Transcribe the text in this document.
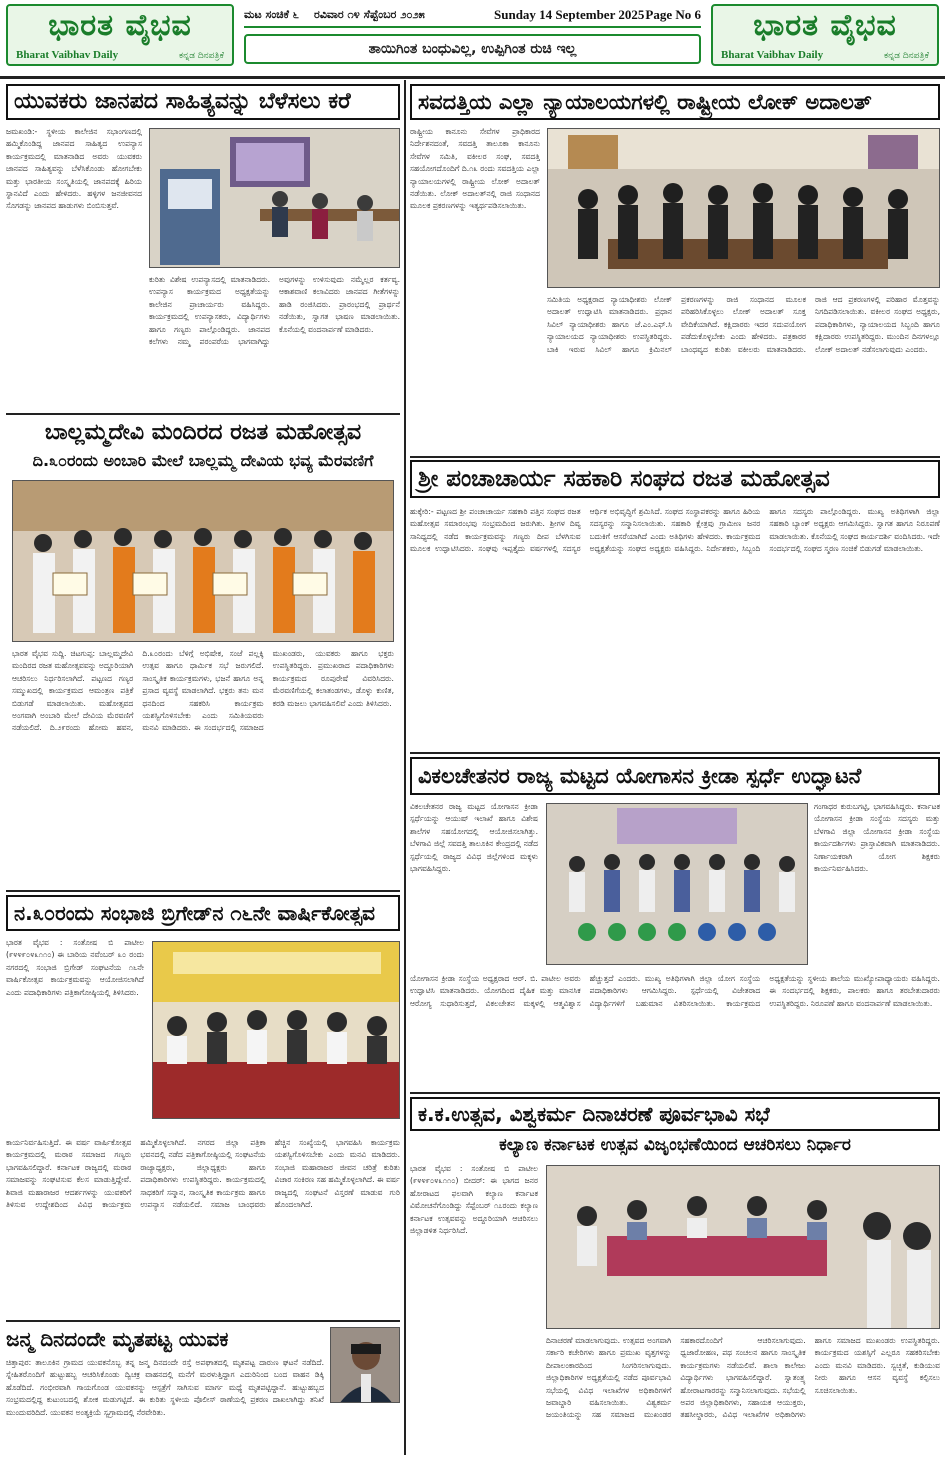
ಭಾರತ ವೈಭವ
Bharat Vaibhav Daily	ಕನ್ನಡ ದಿನಪತ್ರಿಕೆ
ಮಟ ಸಂಚಿಕೆ ೬	ರವಿವಾರ ೧೪ ಸೆಪ್ಟೆಂಬರ ೨೦೨೫	Sunday 14 September 2025 Page No 6
ತಾಯಿಗಿಂತ ಬಂಧುವಿಲ್ಲ, ಉಪ್ಪಿಗಿಂತ ರುಚಿ ಇಲ್ಲ
ಭಾರತ ವೈಭವ
Bharat Vaibhav Daily	ಕನ್ನಡ ದಿನಪತ್ರಿಕೆ
ಯುವಕರು ಜಾನಪದ ಸಾಹಿತ್ಯವನ್ನು ಬೆಳೆಸಲು ಕರೆ
ಜಮಖಂಡಿ:- ಸ್ಥಳೀಯ ಕಾಲೇಜಿನ ಸಭಾಂಗಣದಲ್ಲಿ ಹಮ್ಮಿಕೊಂಡಿದ್ದ ಜಾನಪದ ಸಾಹಿತ್ಯದ ಉಪನ್ಯಾಸ ಕಾರ್ಯಕ್ರಮದಲ್ಲಿ ಮಾತನಾಡಿದ ಅವರು ಯುವಕರು ಜಾನಪದ ಸಾಹಿತ್ಯವನ್ನು ಬೆಳೆಸಿಕೊಂಡು ಹೋಗಬೇಕು ಮತ್ತು ಭಾರತೀಯ ಸಂಸ್ಕೃತಿಯಲ್ಲಿ ಜಾನಪದಕ್ಕೆ ಹಿರಿಯ ಸ್ಥಾನವಿದೆ ಎಂದು ಹೇಳಿದರು. ಹಳ್ಳಿಗಳ ಜನಜೀವನದ ಸೊಗಡನ್ನು ಜಾನಪದ ಹಾಡುಗಳು ಬಿಂಬಿಸುತ್ತವೆ.
ಕುರಿತು ವಿಶೇಷ ಉಪನ್ಯಾಸದಲ್ಲಿ ಮಾತನಾಡಿದರು. ಉಪನ್ಯಾಸ ಕಾರ್ಯಕ್ರಮದ ಅಧ್ಯಕ್ಷತೆಯನ್ನು ಕಾಲೇಜಿನ ಪ್ರಾಚಾರ್ಯರು ವಹಿಸಿದ್ದರು. ಕಾರ್ಯಕ್ರಮದಲ್ಲಿ ಉಪನ್ಯಾಸಕರು, ವಿದ್ಯಾರ್ಥಿಗಳು ಹಾಗೂ ಗಣ್ಯರು ಪಾಲ್ಗೊಂಡಿದ್ದರು. ಜಾನಪದ ಕಲೆಗಳು ನಮ್ಮ ಪರಂಪರೆಯ ಭಾಗವಾಗಿದ್ದು ಅವುಗಳನ್ನು ಉಳಿಸುವುದು ನಮ್ಮೆಲ್ಲರ ಕರ್ತವ್ಯ. ಆಕಾಶವಾಣಿ ಕಲಾವಿದರು ಜಾನಪದ ಗೀತೆಗಳನ್ನು ಹಾಡಿ ರಂಜಿಸಿದರು. ಪ್ರಾರಂಭದಲ್ಲಿ ಪ್ರಾರ್ಥನೆ ನಡೆಯಿತು, ಸ್ವಾಗತ ಭಾಷಣ ಮಾಡಲಾಯಿತು. ಕೊನೆಯಲ್ಲಿ ವಂದನಾರ್ಪಣೆ ಮಾಡಿದರು.
ಸವದತ್ತಿಯ ಎಲ್ಲಾ ನ್ಯಾಯಾಲಯಗಳಲ್ಲಿ ರಾಷ್ಟ್ರೀಯ ಲೋಕ್ ಅದಾಲತ್
ರಾಷ್ಟ್ರೀಯ ಕಾನೂನು ಸೇವೆಗಳ ಪ್ರಾಧಿಕಾರದ ನಿರ್ದೇಶನದಂತೆ, ಸವದತ್ತಿ ತಾಲೂಕಾ ಕಾನೂನು ಸೇವೆಗಳ ಸಮಿತಿ, ವಕೀಲರ ಸಂಘ, ಸವದತ್ತಿ ಸಹಯೋಗದೊಂದಿಗೆ ದಿ.೧೩ ರಂದು ಸವದತ್ತಿಯ ಎಲ್ಲಾ ನ್ಯಾಯಾಲಯಗಳಲ್ಲಿ ರಾಷ್ಟ್ರೀಯ ಲೋಕ್ ಅದಾಲತ್ ನಡೆಯಿತು. ಲೋಕ್ ಅದಾಲತ್‌ನಲ್ಲಿ ರಾಜಿ ಸಂಧಾನದ ಮೂಲಕ ಪ್ರಕರಣಗಳನ್ನು ಇತ್ಯರ್ಥಪಡಿಸಲಾಯಿತು.
ಸಮಿತಿಯ ಅಧ್ಯಕ್ಷರಾದ ನ್ಯಾಯಾಧೀಶರು ಲೋಕ್ ಅದಾಲತ್ ಉದ್ಘಾಟಿಸಿ ಮಾತನಾಡಿದರು. ಪ್ರಧಾನ ಸಿವಿಲ್ ನ್ಯಾಯಾಧೀಶರು ಹಾಗೂ ಜೆ.ಎಂ.ಎಫ್.ಸಿ ನ್ಯಾಯಾಲಯದ ನ್ಯಾಯಾಧೀಶರು ಉಪಸ್ಥಿತರಿದ್ದರು. ಬಾಕಿ ಇರುವ ಸಿವಿಲ್ ಹಾಗೂ ಕ್ರಿಮಿನಲ್ ಪ್ರಕರಣಗಳನ್ನು ರಾಜಿ ಸಂಧಾನದ ಮೂಲಕ ಪರಿಹರಿಸಿಕೊಳ್ಳಲು ಲೋಕ್ ಅದಾಲತ್ ಸೂಕ್ತ ವೇದಿಕೆಯಾಗಿದೆ. ಕಕ್ಷಿದಾರರು ಇದರ ಸದುಪಯೋಗ ಪಡೆದುಕೊಳ್ಳಬೇಕು ಎಂದು ಹೇಳಿದರು. ಪತ್ರಕಾರರ ಬಾಂಧವ್ಯದ ಕುರಿತು ವಕೀಲರು ಮಾತನಾಡಿದರು. ರಾಜಿ ಆದ ಪ್ರಕರಣಗಳಲ್ಲಿ ಪರಿಹಾರ ಮೊತ್ತವನ್ನು ನಿಗದಿಪಡಿಸಲಾಯಿತು. ವಕೀಲರ ಸಂಘದ ಅಧ್ಯಕ್ಷರು, ಪದಾಧಿಕಾರಿಗಳು, ನ್ಯಾಯಾಲಯದ ಸಿಬ್ಬಂದಿ ಹಾಗೂ ಕಕ್ಷಿದಾರರು ಉಪಸ್ಥಿತರಿದ್ದರು. ಮುಂದಿನ ದಿನಗಳಲ್ಲೂ ಲೋಕ್ ಅದಾಲತ್ ನಡೆಸಲಾಗುವುದು ಎಂದರು.
ಬಾಲ್ಲಮ್ಮದೇವಿ ಮಂದಿರದ ರಜತ ಮಹೋತ್ಸವ
ದಿ.೩೦ರಂದು ಅಂಬಾರಿ ಮೇಲೆ ಬಾಲ್ಲಮ್ಮ ದೇವಿಯ ಭವ್ಯ ಮೆರವಣಿಗೆ
ಭಾರತ ವೈಭವ ಸುದ್ದಿ. ಚಿಟಗುಪ್ಪ: ಬಾಲ್ಲಮ್ಮದೇವಿ ಮಂದಿರದ ರಜತ ಮಹೋತ್ಸವವನ್ನು ಅದ್ದೂರಿಯಾಗಿ ಆಚರಿಸಲು ನಿರ್ಧರಿಸಲಾಗಿದೆ. ಪಟ್ಟಣದ ಗಣ್ಯರ ಸಮ್ಮುಖದಲ್ಲಿ ಕಾರ್ಯಕ್ರಮದ ಆಮಂತ್ರಣ ಪತ್ರಿಕೆ ಬಿಡುಗಡೆ ಮಾಡಲಾಯಿತು. ಮಹೋತ್ಸವದ ಅಂಗವಾಗಿ ಅಂಬಾರಿ ಮೇಲೆ ದೇವಿಯ ಮೆರವಣಿಗೆ ನಡೆಯಲಿದೆ. ದಿ.೨೯ರಂದು ಹೋಮ ಹವನ, ದಿ.೩೦ರಂದು ಬೆಳಿಗ್ಗೆ ಅಭಿಷೇಕ, ಸಂಜೆ ಪಲ್ಲಕ್ಕಿ ಉತ್ಸವ ಹಾಗೂ ಧಾರ್ಮಿಕ ಸಭೆ ಜರುಗಲಿದೆ. ಸಾಂಸ್ಕೃತಿಕ ಕಾರ್ಯಕ್ರಮಗಳು, ಭಜನೆ ಹಾಗೂ ಅನ್ನ ಪ್ರಸಾದ ವ್ಯವಸ್ಥೆ ಮಾಡಲಾಗಿದೆ. ಭಕ್ತರು ತನು ಮನ ಧನದಿಂದ ಸಹಕರಿಸಿ ಕಾರ್ಯಕ್ರಮ ಯಶಸ್ವಿಗೊಳಿಸಬೇಕು ಎಂದು ಸಮಿತಿಯವರು ಮನವಿ ಮಾಡಿದರು. ಈ ಸಂದರ್ಭದಲ್ಲಿ ಸಮಾಜದ ಮುಖಂಡರು, ಯುವಕರು ಹಾಗೂ ಭಕ್ತರು ಉಪಸ್ಥಿತರಿದ್ದರು. ಪ್ರಮುಖರಾದ ಪದಾಧಿಕಾರಿಗಳು ಕಾರ್ಯಕ್ರಮದ ರೂಪುರೇಷೆ ವಿವರಿಸಿದರು. ಮೆರವಣಿಗೆಯಲ್ಲಿ ಕಲಾತಂಡಗಳು, ಡೊಳ್ಳು ಕುಣಿತ, ಕರಡಿ ಮಜಲು ಭಾಗವಹಿಸಲಿವೆ ಎಂದು ತಿಳಿಸಿದರು.
ಶ್ರೀ ಪಂಚಾಚಾರ್ಯ ಸಹಕಾರಿ ಸಂಘದ ರಜತ ಮಹೋತ್ಸವ
ಹುಕ್ಕೇರಿ:- ಪಟ್ಟಣದ ಶ್ರೀ ಪಂಚಾಚಾರ್ಯ ಸಹಕಾರಿ ಪತ್ತಿನ ಸಂಘದ ರಜತ ಮಹೋತ್ಸವ ಸಮಾರಂಭವು ಸಂಭ್ರಮದಿಂದ ಜರುಗಿತು. ಶ್ರೀಗಳ ದಿವ್ಯ ಸಾನಿಧ್ಯದಲ್ಲಿ ನಡೆದ ಕಾರ್ಯಕ್ರಮವನ್ನು ಗಣ್ಯರು ದೀಪ ಬೆಳಗಿಸುವ ಮೂಲಕ ಉದ್ಘಾಟಿಸಿದರು. ಸಂಘವು ಇಪ್ಪತ್ತೈದು ವರ್ಷಗಳಲ್ಲಿ ಸದಸ್ಯರ ಆರ್ಥಿಕ ಅಭಿವೃದ್ಧಿಗೆ ಶ್ರಮಿಸಿದೆ. ಸಂಘದ ಸಂಸ್ಥಾಪಕರನ್ನು ಹಾಗೂ ಹಿರಿಯ ಸದಸ್ಯರನ್ನು ಸನ್ಮಾನಿಸಲಾಯಿತು. ಸಹಕಾರಿ ಕ್ಷೇತ್ರವು ಗ್ರಾಮೀಣ ಜನರ ಬದುಕಿಗೆ ಆಸರೆಯಾಗಿದೆ ಎಂದು ಅತಿಥಿಗಳು ಹೇಳಿದರು. ಕಾರ್ಯಕ್ರಮದ ಅಧ್ಯಕ್ಷತೆಯನ್ನು ಸಂಘದ ಅಧ್ಯಕ್ಷರು ವಹಿಸಿದ್ದರು. ನಿರ್ದೇಶಕರು, ಸಿಬ್ಬಂದಿ ಹಾಗೂ ಸದಸ್ಯರು ಪಾಲ್ಗೊಂಡಿದ್ದರು. ಮುಖ್ಯ ಅತಿಥಿಗಳಾಗಿ ಜಿಲ್ಲಾ ಸಹಕಾರಿ ಬ್ಯಾಂಕ್ ಅಧ್ಯಕ್ಷರು ಆಗಮಿಸಿದ್ದರು. ಸ್ವಾಗತ ಹಾಗೂ ನಿರೂಪಣೆ ಮಾಡಲಾಯಿತು. ಕೊನೆಯಲ್ಲಿ ಸಂಘದ ಕಾರ್ಯದರ್ಶಿ ವಂದಿಸಿದರು. ಇದೇ ಸಂದರ್ಭದಲ್ಲಿ ಸಂಘದ ಸ್ಮರಣ ಸಂಚಿಕೆ ಬಿಡುಗಡೆ ಮಾಡಲಾಯಿತು.
ವಿಕಲಚೇತನರ ರಾಜ್ಯ ಮಟ್ಟದ ಯೋಗಾಸನ ಕ್ರೀಡಾ ಸ್ಪರ್ಧೆ ಉದ್ಘಾಟನೆ
ವಿಕಲಚೇತನರ ರಾಜ್ಯ ಮಟ್ಟದ ಯೋಗಾಸನ ಕ್ರೀಡಾ ಸ್ಪರ್ಧೆಯನ್ನು ಆಯುಷ್ ಇಲಾಖೆ ಹಾಗೂ ವಿಶೇಷ ಶಾಲೆಗಳ ಸಹಯೋಗದಲ್ಲಿ ಆಯೋಜಿಸಲಾಗಿತ್ತು. ಬೆಳಗಾವಿ ಜಿಲ್ಲೆ ಸವದತ್ತಿ ತಾಲೂಕಿನ ಕೇಂದ್ರದಲ್ಲಿ ನಡೆದ ಸ್ಪರ್ಧೆಯಲ್ಲಿ ರಾಜ್ಯದ ವಿವಿಧ ಜಿಲ್ಲೆಗಳಿಂದ ಮಕ್ಕಳು ಭಾಗವಹಿಸಿದ್ದರು.
ಗಂಗಾಧರ ಕುರುಬಗಟ್ಟಿ, ಭಾಗವಹಿಸಿದ್ದರು. ಕರ್ನಾಟಕ ಯೋಗಾಸನ ಕ್ರೀಡಾ ಸಂಸ್ಥೆಯ ಸದಸ್ಯರು ಮತ್ತು ಬೆಳಗಾವಿ ಜಿಲ್ಲಾ ಯೋಗಾಸನ ಕ್ರೀಡಾ ಸಂಸ್ಥೆಯ ಕಾರ್ಯದರ್ಶಿಗಳು ಪ್ರಾಸ್ತಾವಿಕವಾಗಿ ಮಾತನಾಡಿದರು. ನಿರ್ಣಾಯಕರಾಗಿ ಯೋಗ ಶಿಕ್ಷಕರು ಕಾರ್ಯನಿರ್ವಹಿಸಿದರು.
ಯೋಗಾಸನ ಕ್ರೀಡಾ ಸಂಸ್ಥೆಯ ಅಧ್ಯಕ್ಷರಾದ ಆರ್. ಬಿ. ಪಾಟೀಲ ಅವರು ಉದ್ಘಾಟಿಸಿ ಮಾತನಾಡಿದರು. ಯೋಗದಿಂದ ದೈಹಿಕ ಮತ್ತು ಮಾನಸಿಕ ಆರೋಗ್ಯ ಸುಧಾರಿಸುತ್ತದೆ, ವಿಕಲಚೇತನ ಮಕ್ಕಳಲ್ಲಿ ಆತ್ಮವಿಶ್ವಾಸ ಹೆಚ್ಚುತ್ತದೆ ಎಂದರು. ಮುಖ್ಯ ಅತಿಥಿಗಳಾಗಿ ಜಿಲ್ಲಾ ಯೋಗ ಸಂಸ್ಥೆಯ ಪದಾಧಿಕಾರಿಗಳು ಆಗಮಿಸಿದ್ದರು. ಸ್ಪರ್ಧೆಯಲ್ಲಿ ವಿಜೇತರಾದ ವಿದ್ಯಾರ್ಥಿಗಳಿಗೆ ಬಹುಮಾನ ವಿತರಿಸಲಾಯಿತು. ಕಾರ್ಯಕ್ರಮದ ಅಧ್ಯಕ್ಷತೆಯನ್ನು ಸ್ಥಳೀಯ ಶಾಲೆಯ ಮುಖ್ಯೋಪಾಧ್ಯಾಯರು ವಹಿಸಿದ್ದರು. ಈ ಸಂದರ್ಭದಲ್ಲಿ ಶಿಕ್ಷಕರು, ಪಾಲಕರು ಹಾಗೂ ತರಬೇತುದಾರರು ಉಪಸ್ಥಿತರಿದ್ದರು. ನಿರೂಪಣೆ ಹಾಗೂ ವಂದನಾರ್ಪಣೆ ಮಾಡಲಾಯಿತು.
ನ.೩೦ರಂದು ಸಂಭಾಜಿ ಬ್ರಿಗೇಡ್‌ನ ೧೬ನೇ ವಾರ್ಷಿಕೋತ್ಸವ
ಭಾರತ ವೈಭವ : ಸಂತೋಷ ಬಿ ಪಾಟೀಲ (೯೪೪೯೦೪೩೧೧೦) ಈ ಬಾರಿಯ ನವೆಂಬರ್ ೩೦ ರಂದು ನಗರದಲ್ಲಿ ಸಂಭಾಜಿ ಬ್ರಿಗೇಡ್ ಸಂಘಟನೆಯ ೧೬ನೇ ವಾರ್ಷಿಕೋತ್ಸವ ಕಾರ್ಯಕ್ರಮವನ್ನು ಆಯೋಜಿಸಲಾಗಿದೆ ಎಂದು ಪದಾಧಿಕಾರಿಗಳು ಪತ್ರಿಕಾಗೋಷ್ಠಿಯಲ್ಲಿ ತಿಳಿಸಿದರು.
ಕಾರ್ಯನಿರ್ವಹಿಸುತ್ತಿದೆ. ಈ ವರ್ಷ ವಾರ್ಷಿಕೋತ್ಸವ ಕಾರ್ಯಕ್ರಮದಲ್ಲಿ ಮರಾಠ ಸಮಾಜದ ಗಣ್ಯರು ಭಾಗವಹಿಸಲಿದ್ದಾರೆ. ಕರ್ನಾಟಕ ರಾಜ್ಯದಲ್ಲಿ ಮರಾಠ ಸಮಾಜವನ್ನು ಸಂಘಟಿಸುವ ಕೆಲಸ ಮಾಡುತ್ತಿದ್ದೇವೆ. ಶಿವಾಜಿ ಮಹಾರಾಜರ ಆದರ್ಶಗಳನ್ನು ಯುವಕರಿಗೆ ತಿಳಿಸುವ ಉದ್ದೇಶದಿಂದ ವಿವಿಧ ಕಾರ್ಯಕ್ರಮ ಹಮ್ಮಿಕೊಳ್ಳಲಾಗಿದೆ. ನಗರದ ಜಿಲ್ಲಾ ಪತ್ರಿಕಾ ಭವನದಲ್ಲಿ ನಡೆದ ಪತ್ರಿಕಾಗೋಷ್ಠಿಯಲ್ಲಿ ಸಂಘಟನೆಯ ರಾಜ್ಯಾಧ್ಯಕ್ಷರು, ಜಿಲ್ಲಾಧ್ಯಕ್ಷರು ಹಾಗೂ ಪದಾಧಿಕಾರಿಗಳು ಉಪಸ್ಥಿತರಿದ್ದರು. ಕಾರ್ಯಕ್ರಮದಲ್ಲಿ ಸಾಧಕರಿಗೆ ಸನ್ಮಾನ, ಸಾಂಸ್ಕೃತಿಕ ಕಾರ್ಯಕ್ರಮ ಹಾಗೂ ಉಪನ್ಯಾಸ ನಡೆಯಲಿದೆ. ಸಮಾಜ ಬಾಂಧವರು ಹೆಚ್ಚಿನ ಸಂಖ್ಯೆಯಲ್ಲಿ ಭಾಗವಹಿಸಿ ಕಾರ್ಯಕ್ರಮ ಯಶಸ್ವಿಗೊಳಿಸಬೇಕು ಎಂದು ಮನವಿ ಮಾಡಿದರು. ಸಂಭಾಜಿ ಮಹಾರಾಜರ ಜೀವನ ಚರಿತ್ರೆ ಕುರಿತು ವಿಚಾರ ಸಂಕಿರಣ ಸಹ ಹಮ್ಮಿಕೊಳ್ಳಲಾಗಿದೆ. ಈ ವರ್ಷ ರಾಜ್ಯದಲ್ಲಿ ಸಂಘಟನೆ ವಿಸ್ತರಣೆ ಮಾಡುವ ಗುರಿ ಹೊಂದಲಾಗಿದೆ.
ಕ.ಕ.ಉತ್ಸವ, ವಿಶ್ವಕರ್ಮ ದಿನಾಚರಣೆ ಪೂರ್ವಭಾವಿ ಸಭೆ
ಕಲ್ಯಾಣ ಕರ್ನಾಟಕ ಉತ್ಸವ ವಿಜೃಂಭಣೆಯಿಂದ ಆಚರಿಸಲು ನಿರ್ಧಾರ
ಭಾರತ ವೈಭವ : ಸಂತೋಷ ಬಿ ಪಾಟೀಲ (೯೪೪೯೦೪೩೧೧೦) ಬೀದರ್: ಈ ಭಾಗದ ಜನರ ಹೋರಾಟದ ಫಲವಾಗಿ ಕಲ್ಯಾಣ ಕರ್ನಾಟಕ ವಿಮೋಚನೆಗೊಂಡಿದ್ದು ಸೆಪ್ಟೆಂಬರ್ ೧೭ರಂದು ಕಲ್ಯಾಣ ಕರ್ನಾಟಕ ಉತ್ಸವವನ್ನು ಅದ್ದೂರಿಯಾಗಿ ಆಚರಿಸಲು ಜಿಲ್ಲಾಡಳಿತ ನಿರ್ಧರಿಸಿದೆ.
ದಿನಾಚರಣೆ ಮಾಡಲಾಗುವುದು. ಉತ್ಸವದ ಅಂಗವಾಗಿ ಸರ್ಕಾರಿ ಕಚೇರಿಗಳು ಹಾಗೂ ಪ್ರಮುಖ ವೃತ್ತಗಳನ್ನು ದೀಪಾಲಂಕಾರದಿಂದ ಸಿಂಗರಿಸಲಾಗುವುದು. ಜಿಲ್ಲಾಧಿಕಾರಿಗಳ ಅಧ್ಯಕ್ಷತೆಯಲ್ಲಿ ನಡೆದ ಪೂರ್ವಭಾವಿ ಸಭೆಯಲ್ಲಿ ವಿವಿಧ ಇಲಾಖೆಗಳ ಅಧಿಕಾರಿಗಳಿಗೆ ಜವಾಬ್ದಾರಿ ವಹಿಸಲಾಯಿತು. ವಿಶ್ವಕರ್ಮ ಜಯಂತಿಯನ್ನು ಸಹ ಸಮಾಜದ ಮುಖಂಡರ ಸಹಕಾರದೊಂದಿಗೆ ಆಚರಿಸಲಾಗುವುದು. ಧ್ವಜಾರೋಹಣ, ಪಥ ಸಂಚಲನ ಹಾಗೂ ಸಾಂಸ್ಕೃತಿಕ ಕಾರ್ಯಕ್ರಮಗಳು ನಡೆಯಲಿವೆ. ಶಾಲಾ ಕಾಲೇಜು ವಿದ್ಯಾರ್ಥಿಗಳು ಭಾಗವಹಿಸಲಿದ್ದಾರೆ. ಸ್ವಾತಂತ್ರ್ಯ ಹೋರಾಟಗಾರರನ್ನು ಸನ್ಮಾನಿಸಲಾಗುವುದು. ಸಭೆಯಲ್ಲಿ ಅಪರ ಜಿಲ್ಲಾಧಿಕಾರಿಗಳು, ಸಹಾಯಕ ಆಯುಕ್ತರು, ತಹಸೀಲ್ದಾರರು, ವಿವಿಧ ಇಲಾಖೆಗಳ ಅಧಿಕಾರಿಗಳು ಹಾಗೂ ಸಮಾಜದ ಮುಖಂಡರು ಉಪಸ್ಥಿತರಿದ್ದರು. ಕಾರ್ಯಕ್ರಮದ ಯಶಸ್ಸಿಗೆ ಎಲ್ಲರೂ ಸಹಕರಿಸಬೇಕು ಎಂದು ಮನವಿ ಮಾಡಿದರು. ಸ್ವಚ್ಛತೆ, ಕುಡಿಯುವ ನೀರು ಹಾಗೂ ಆಸನ ವ್ಯವಸ್ಥೆ ಕಲ್ಪಿಸಲು ಸೂಚಿಸಲಾಯಿತು.
ಜನ್ಮ ದಿನದಂದೇ ಮೃತಪಟ್ಟ ಯುವಕ
ಚಿತ್ತಾಪುರ: ತಾಲೂಕಿನ ಗ್ರಾಮದ ಯುವಕನೊಬ್ಬ ತನ್ನ ಜನ್ಮ ದಿನದಂದೇ ರಸ್ತೆ ಅಪಘಾತದಲ್ಲಿ ಮೃತಪಟ್ಟ ದಾರುಣ ಘಟನೆ ನಡೆದಿದೆ. ಸ್ನೇಹಿತರೊಂದಿಗೆ ಹುಟ್ಟುಹಬ್ಬ ಆಚರಿಸಿಕೊಂಡು ದ್ವಿಚಕ್ರ ವಾಹನದಲ್ಲಿ ಮನೆಗೆ ಮರಳುತ್ತಿದ್ದಾಗ ಎದುರಿನಿಂದ ಬಂದ ವಾಹನ ಡಿಕ್ಕಿ ಹೊಡೆದಿದೆ. ಗಂಭೀರವಾಗಿ ಗಾಯಗೊಂಡ ಯುವಕನನ್ನು ಆಸ್ಪತ್ರೆಗೆ ಸಾಗಿಸುವ ಮಾರ್ಗ ಮಧ್ಯೆ ಮೃತಪಟ್ಟಿದ್ದಾನೆ. ಹುಟ್ಟುಹಬ್ಬದ ಸಂಭ್ರಮದಲ್ಲಿದ್ದ ಕುಟುಂಬದಲ್ಲಿ ಶೋಕ ಮಡುಗಟ್ಟಿದೆ. ಈ ಕುರಿತು ಸ್ಥಳೀಯ ಪೊಲೀಸ್ ಠಾಣೆಯಲ್ಲಿ ಪ್ರಕರಣ ದಾಖಲಾಗಿದ್ದು ತನಿಖೆ ಮುಂದುವರಿದಿದೆ. ಯುವಕನ ಅಂತ್ಯಕ್ರಿಯೆ ಸ್ವಗ್ರಾಮದಲ್ಲಿ ನೆರವೇರಿತು.
